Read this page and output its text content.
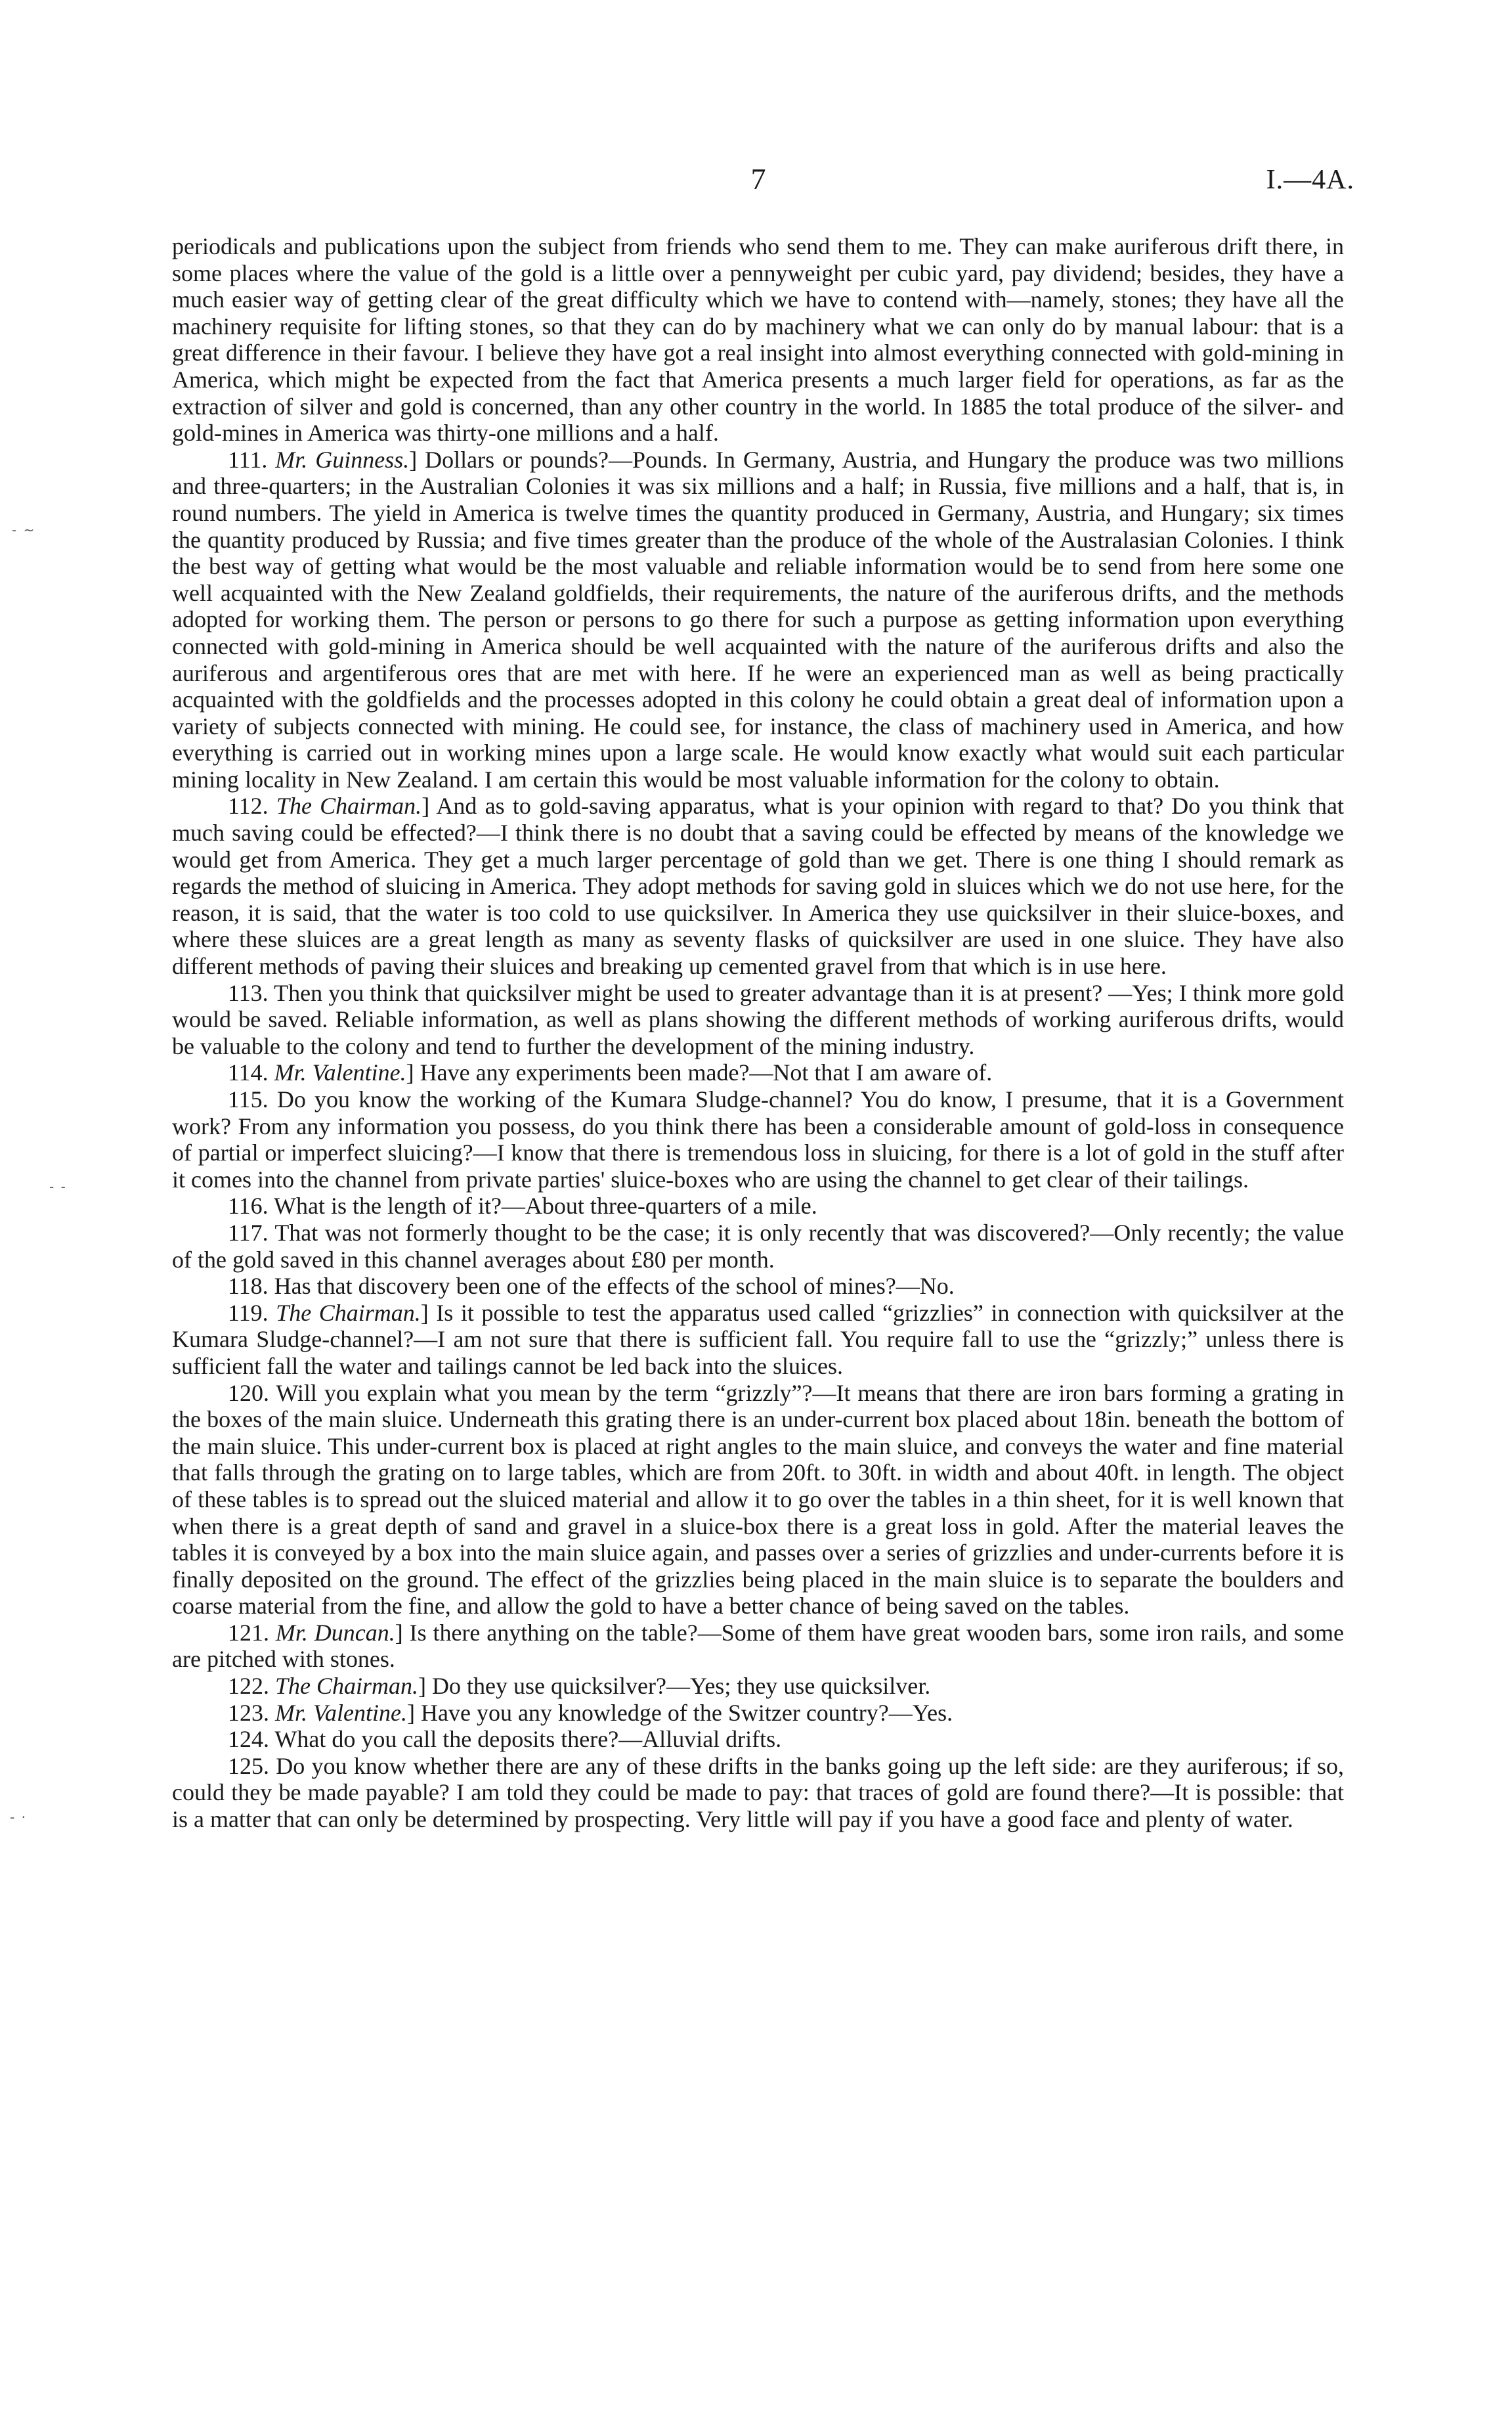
7	I.—4A.
- ~
- -
- ·

periodicals and publications upon the subject from friends who send them to me. They can make auriferous drift there, in some places where the value of the gold is a little over a pennyweight per cubic yard, pay dividend; besides, they have a much easier way of getting clear of the great difficulty which we have to contend with—namely, stones; they have all the machinery requisite for lifting stones, so that they can do by machinery what we can only do by manual labour: that is a great difference in their favour. I believe they have got a real insight into almost everything connected with gold-mining in America, which might be expected from the fact that America presents a much larger field for operations, as far as the extraction of silver and gold is concerned, than any other country in the world. In 1885 the total produce of the silver- and gold-mines in America was thirty-one millions and a half.

111. Mr. Guinness.] Dollars or pounds?—Pounds. In Germany, Austria, and Hungary the produce was two millions and three-quarters; in the Australian Colonies it was six millions and a half; in Russia, five millions and a half, that is, in round numbers. The yield in America is twelve times the quantity produced in Germany, Austria, and Hungary; six times the quantity produced by Russia; and five times greater than the produce of the whole of the Australasian Colonies. I think the best way of getting what would be the most valuable and reliable information would be to send from here some one well acquainted with the New Zealand goldfields, their requirements, the nature of the auriferous drifts, and the methods adopted for working them. The person or persons to go there for such a purpose as getting information upon everything connected with gold-mining in America should be well acquainted with the nature of the auriferous drifts and also the auriferous and argentiferous ores that are met with here. If he were an experienced man as well as being practically acquainted with the goldfields and the processes adopted in this colony he could obtain a great deal of information upon a variety of subjects connected with mining. He could see, for instance, the class of machinery used in America, and how everything is carried out in working mines upon a large scale. He would know exactly what would suit each particular mining locality in New Zealand. I am certain this would be most valuable information for the colony to obtain.

112. The Chairman.] And as to gold-saving apparatus, what is your opinion with regard to that? Do you think that much saving could be effected?—I think there is no doubt that a saving could be effected by means of the knowledge we would get from America. They get a much larger percentage of gold than we get. There is one thing I should remark as regards the method of sluicing in America. They adopt methods for saving gold in sluices which we do not use here, for the reason, it is said, that the water is too cold to use quicksilver. In America they use quicksilver in their sluice-boxes, and where these sluices are a great length as many as seventy flasks of quicksilver are used in one sluice. They have also different methods of paving their sluices and breaking up cemented gravel from that which is in use here.

113. Then you think that quicksilver might be used to greater advantage than it is at present? —Yes; I think more gold would be saved. Reliable information, as well as plans showing the different methods of working auriferous drifts, would be valuable to the colony and tend to further the development of the mining industry.

114. Mr. Valentine.] Have any experiments been made?—Not that I am aware of.

115. Do you know the working of the Kumara Sludge-channel? You do know, I presume, that it is a Government work? From any information you possess, do you think there has been a considerable amount of gold-loss in consequence of partial or imperfect sluicing?—I know that there is tremendous loss in sluicing, for there is a lot of gold in the stuff after it comes into the channel from private parties' sluice-boxes who are using the channel to get clear of their tailings.

116. What is the length of it?—About three-quarters of a mile.

117. That was not formerly thought to be the case; it is only recently that was discovered?—Only recently; the value of the gold saved in this channel averages about £80 per month.

118. Has that discovery been one of the effects of the school of mines?—No.

119. The Chairman.] Is it possible to test the apparatus used called “grizzlies” in connection with quicksilver at the Kumara Sludge-channel?—I am not sure that there is sufficient fall. You require fall to use the “grizzly;” unless there is sufficient fall the water and tailings cannot be led back into the sluices.

120. Will you explain what you mean by the term “grizzly”?—It means that there are iron bars forming a grating in the boxes of the main sluice. Underneath this grating there is an under-current box placed about 18in. beneath the bottom of the main sluice. This under-current box is placed at right angles to the main sluice, and conveys the water and fine material that falls through the grating on to large tables, which are from 20ft. to 30ft. in width and about 40ft. in length. The object of these tables is to spread out the sluiced material and allow it to go over the tables in a thin sheet, for it is well known that when there is a great depth of sand and gravel in a sluice-box there is a great loss in gold. After the material leaves the tables it is conveyed by a box into the main sluice again, and passes over a series of grizzlies and under-currents before it is finally deposited on the ground. The effect of the grizzlies being placed in the main sluice is to separate the boulders and coarse material from the fine, and allow the gold to have a better chance of being saved on the tables.

121. Mr. Duncan.] Is there anything on the table?—Some of them have great wooden bars, some iron rails, and some are pitched with stones.

122. The Chairman.] Do they use quicksilver?—Yes; they use quicksilver.

123. Mr. Valentine.] Have you any knowledge of the Switzer country?—Yes.

124. What do you call the deposits there?—Alluvial drifts.

125. Do you know whether there are any of these drifts in the banks going up the left side: are they auriferous; if so, could they be made payable? I am told they could be made to pay: that traces of gold are found there?—It is possible: that is a matter that can only be determined by prospecting. Very little will pay if you have a good face and plenty of water.
